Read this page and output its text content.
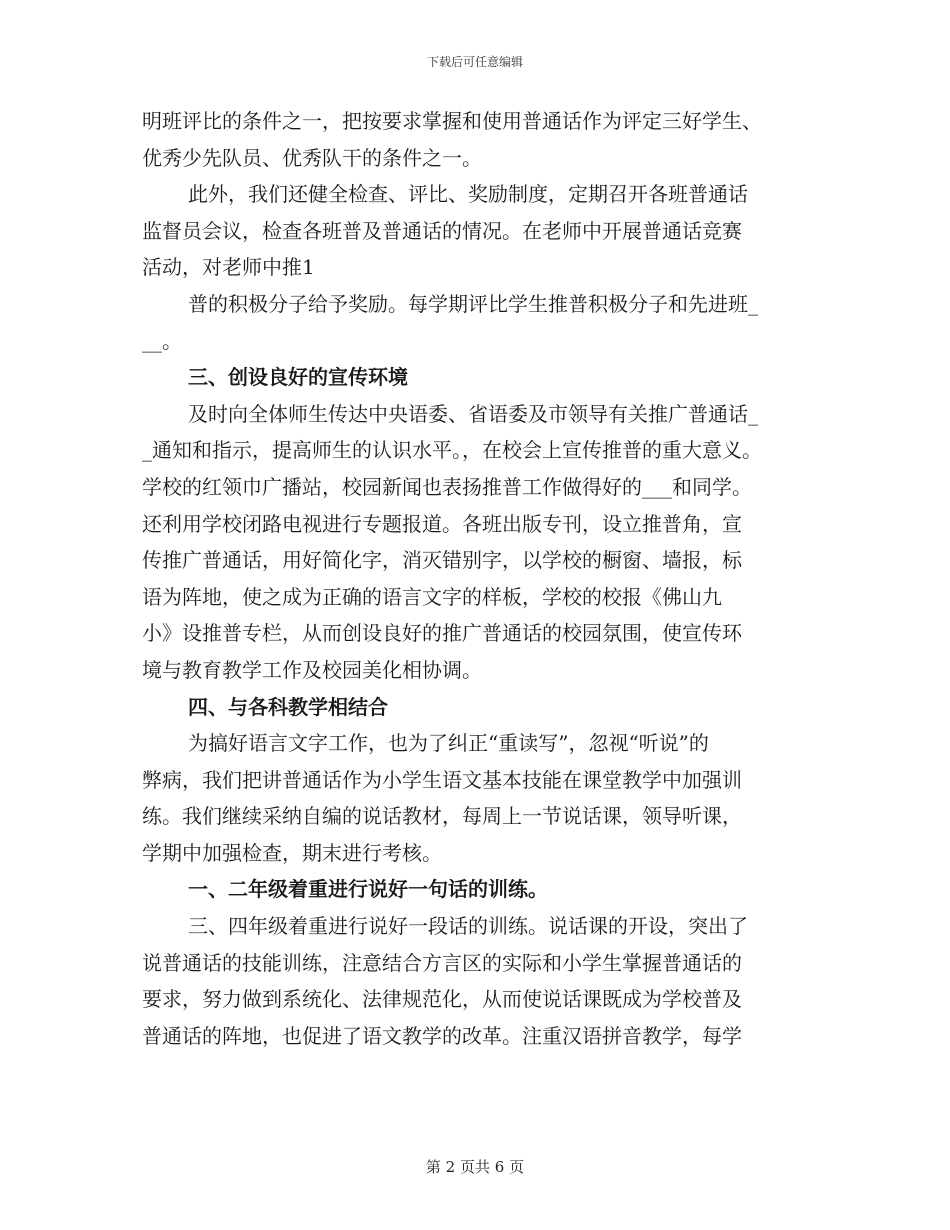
下载后可任意编辑
明班评比的条件之一，把按要求掌握和使用普通话作为评定三好学生、
优秀少先队员、优秀队干的条件之一。
此外，我们还健全检查、评比、奖励制度，定期召开各班普通话
监督员会议，检查各班普及普通话的情况。在老师中开展普通话竞赛
活动，对老师中推1
普的积极分子给予奖励。每学期评比学生推普积极分子和先进班_
__。
三、创设良好的宣传环境
及时向全体师生传达中央语委、省语委及市领导有关推广普通话_
_通知和指示，提高师生的认识水平。，在校会上宣传推普的重大意义。
学校的红领巾广播站，校园新闻也表扬推普工作做得好的___和同学。
还利用学校闭路电视进行专题报道。各班出版专刊，设立推普角，宣
传推广普通话，用好简化字，消灭错别字，以学校的橱窗、墙报，标
语为阵地，使之成为正确的语言文字的样板，学校的校报《佛山九
小》设推普专栏，从而创设良好的推广普通话的校园氛围，使宣传环
境与教育教学工作及校园美化相协调。
四、与各科教学相结合
为搞好语言文字工作，也为了纠正“重读写”，忽视“听说”的
弊病，我们把讲普通话作为小学生语文基本技能在课堂教学中加强训
练。我们继续采纳自编的说话教材，每周上一节说话课，领导听课，
学期中加强检查，期末进行考核。
一、二年级着重进行说好一句话的训练。
三、四年级着重进行说好一段话的训练。说话课的开设，突出了
说普通话的技能训练，注意结合方言区的实际和小学生掌握普通话的
要求，努力做到系统化、法律规范化，从而使说话课既成为学校普及
普通话的阵地，也促进了语文教学的改革。注重汉语拼音教学，每学
第 2 页共 6 页
